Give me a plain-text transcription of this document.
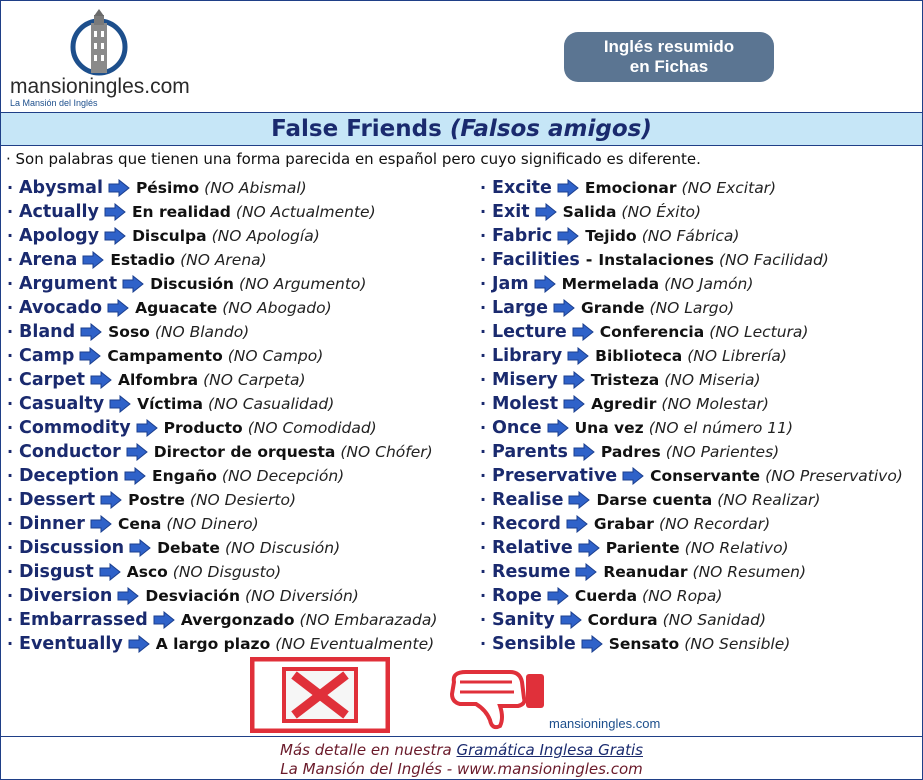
mansioningles.com
La Mansión del Inglés
Inglés resumido
en Fichas
False Friends (Falsos amigos)
· Son palabras que tienen una forma parecida en español pero cuyo significado es diferente.
· Abysmal Pésimo (NO Abismal)
· Actually En realidad (NO Actualmente)
· Apology Disculpa (NO Apología)
· Arena Estadio (NO Arena)
· Argument Discusión (NO Argumento)
· Avocado Aguacate (NO Abogado)
· Bland Soso (NO Blando)
· Camp Campamento (NO Campo)
· Carpet Alfombra (NO Carpeta)
· Casualty Víctima (NO Casualidad)
· Commodity Producto (NO Comodidad)
· Conductor Director de orquesta (NO Chófer)
· Deception Engaño (NO Decepción)
· Dessert Postre (NO Desierto)
· Dinner Cena (NO Dinero)
· Discussion Debate (NO Discusión)
· Disgust Asco (NO Disgusto)
· Diversion Desviación (NO Diversión)
· Embarrassed Avergonzado (NO Embarazada)
· Eventually A largo plazo (NO Eventualmente)
· Excite Emocionar (NO Excitar)
· Exit Salida (NO Éxito)
· Fabric Tejido (NO Fábrica)
· Facilities - Instalaciones (NO Facilidad)
· Jam Mermelada (NO Jamón)
· Large Grande (NO Largo)
· Lecture Conferencia (NO Lectura)
· Library Biblioteca (NO Librería)
· Misery Tristeza (NO Miseria)
· Molest Agredir (NO Molestar)
· Once Una vez (NO el número 11)
· Parents Padres (NO Parientes)
· Preservative Conservante (NO Preservativo)
· Realise Darse cuenta (NO Realizar)
· Record Grabar (NO Recordar)
· Relative Pariente (NO Relativo)
· Resume Reanudar (NO Resumen)
· Rope Cuerda (NO Ropa)
· Sanity Cordura (NO Sanidad)
· Sensible Sensato (NO Sensible)
mansioningles.com
Más detalle en nuestra Gramática Inglesa Gratis
La Mansión del Inglés - www.mansioningles.com
